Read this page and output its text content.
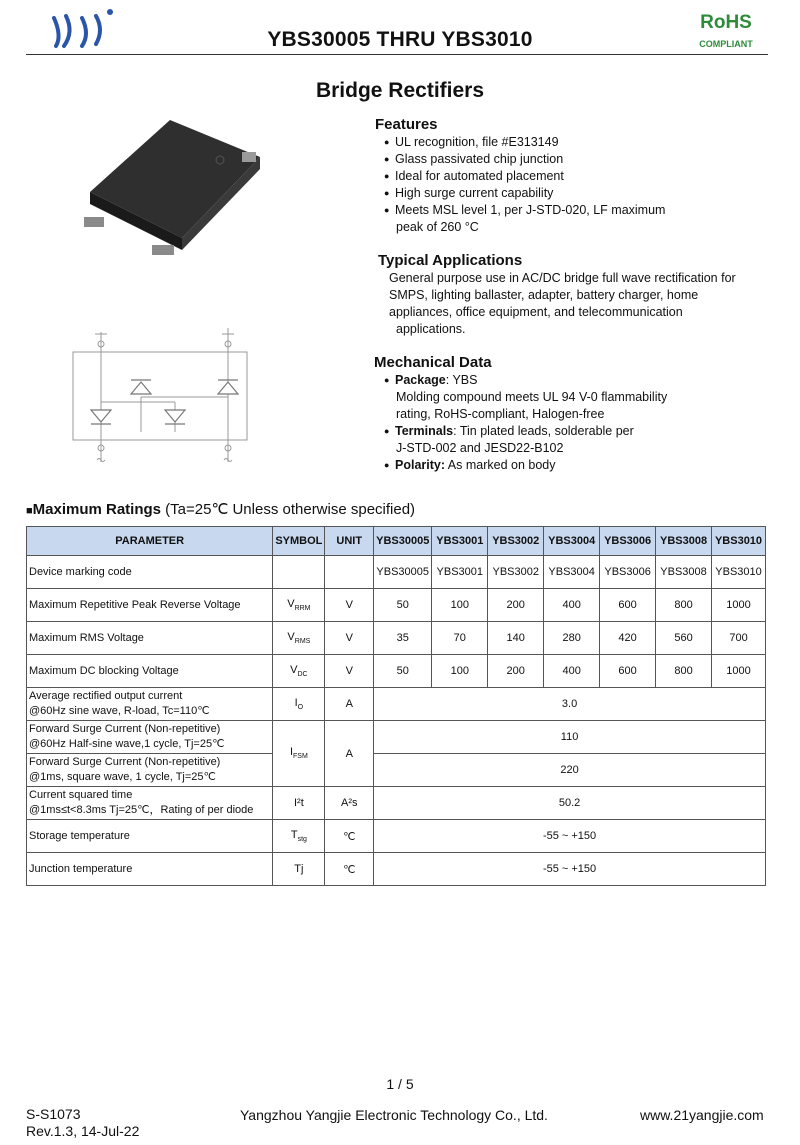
YBS30005 THRU YBS3010
RoHS
COMPLIANT
Bridge Rectifiers
Features
● UL recognition, file #E313149
● Glass passivated chip junction
● Ideal for automated placement
● High surge current capability
● Meets MSL level 1, per J-STD-020, LF maximum
peak of 260 °C
Typical Applications
General purpose use in AC/DC bridge full wave rectification for
SMPS, lighting ballaster, adapter, battery charger, home
appliances, office equipment, and telecommunication
applications.
Mechanical Data
● Package: YBS
Molding compound meets UL 94 V-0 flammability
rating, RoHS-compliant, Halogen-free
● Terminals: Tin plated leads, solderable per
J-STD-002 and JESD22-B102
● Polarity: As marked on body
■Maximum Ratings (Ta=25℃ Unless otherwise specified)
PARAMETER	SYMBOL	UNIT	YBS30005	YBS3001	YBS3002	YBS3004	YBS3006	YBS3008	YBS3010
Device marking code			YBS30005	YBS3001	YBS3002	YBS3004	YBS3006	YBS3008	YBS3010
Maximum Repetitive Peak Reverse Voltage	$V_{RRM}$	V	50	100	200	400	600	800	1000
Maximum RMS Voltage	$V_{RMS}$	V	35	70	140	280	420	560	700
Maximum DC blocking Voltage	$V_{DC}$	V	50	100	200	400	600	800	1000

Average rectified output current
@60Hz sine wave, R-load, Tc=110℃	$I_O$	A	3.0						

Forward Surge Current (Non-repetitive)
@60Hz Half-sine wave,1 cycle, Tj=25℃	$I_{FSM}$	A	110						

Forward Surge Current (Non-repetitive)
@1ms, square wave, 1 cycle, Tj=25℃			220						

Current squared time
@1ms≤t<8.3ms Tj=25℃，Rating of per diode	I²t	A²s	50.2						
Storage temperature	$T_{stg}$	℃	-55 ~ +150						
Junction temperature	Tj	℃	-55 ~ +150						
1 / 5
S-S1073
Rev.1.3, 14-Jul-22
Yangzhou Yangjie Electronic Technology Co., Ltd.	www.21yangjie.com
